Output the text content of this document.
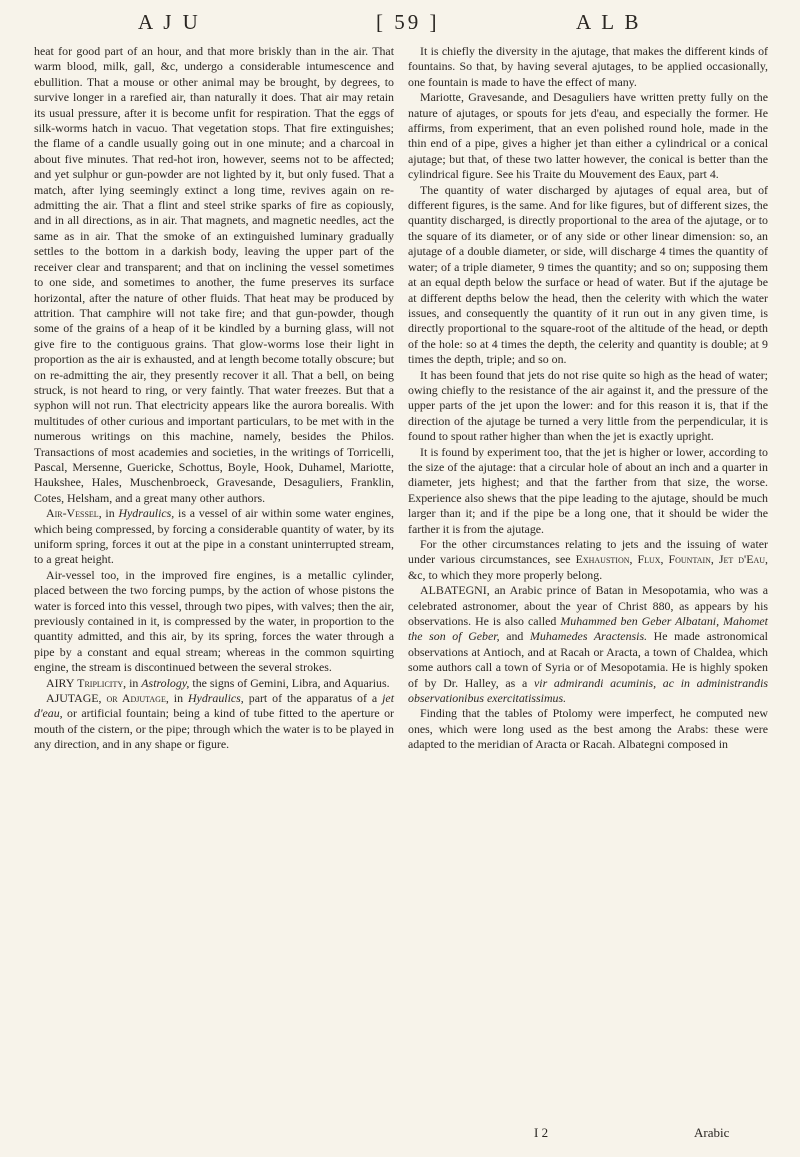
A J U	[ 59 ]	A L B

heat for good part of an hour, and that more briskly than in the air. That warm blood, milk, gall, &c, undergo a considerable intumescence and ebullition. That a mouse or other animal may be brought, by degrees, to survive longer in a rarefied air, than naturally it does. That air may retain its usual pressure, after it is become unfit for respiration. That the eggs of silk-worms hatch in vacuo. That vegetation stops. That fire extinguishes; the flame of a candle usually going out in one minute; and a charcoal in about five minutes. That red-hot iron, however, seems not to be affected; and yet sulphur or gun-powder are not lighted by it, but only fused. That a match, after lying seemingly extinct a long time, revives again on re-admitting the air. That a flint and steel strike sparks of fire as copiously, and in all directions, as in air. That magnets, and magnetic needles, act the same as in air. That the smoke of an extinguished luminary gradually settles to the bottom in a darkish body, leaving the upper part of the receiver clear and transparent; and that on inclining the vessel sometimes to one side, and sometimes to another, the fume preserves its surface horizontal, after the nature of other fluids. That heat may be produced by attrition. That camphire will not take fire; and that gun-powder, though some of the grains of a heap of it be kindled by a burning glass, will not give fire to the contiguous grains. That glow-worms lose their light in proportion as the air is exhausted, and at length become totally obscure; but on re-admitting the air, they presently recover it all. That a bell, on being struck, is not heard to ring, or very faintly. That water freezes. But that a syphon will not run. That electricity appears like the aurora borealis. With multitudes of other curious and important particulars, to be met with in the numerous writings on this machine, namely, besides the Philos. Transactions of most academies and societies, in the writings of Torricelli, Pascal, Mersenne, Guericke, Schottus, Boyle, Hook, Duhamel, Mariotte, Haukshee, Hales, Muschenbroeck, Gravesande, Desaguliers, Franklin, Cotes, Helsham, and a great many other authors.

Air-Vessel, in Hydraulics, is a vessel of air within some water engines, which being compressed, by forcing a considerable quantity of water, by its uniform spring, forces it out at the pipe in a constant uninterrupted stream, to a great height.

Air-vessel too, in the improved fire engines, is a metallic cylinder, placed between the two forcing pumps, by the action of whose pistons the water is forced into this vessel, through two pipes, with valves; then the air, previously contained in it, is compressed by the water, in proportion to the quantity admitted, and this air, by its spring, forces the water through a pipe by a constant and equal stream; whereas in the common squirting engine, the stream is discontinued between the several strokes.

AIRY Triplicity, in Astrology, the signs of Gemini, Libra, and Aquarius.

AJUTAGE, or Adjutage, in Hydraulics, part of the apparatus of a jet d'eau, or artificial fountain; being a kind of tube fitted to the aperture or mouth of the cistern, or the pipe; through which the water is to be played in any direction, and in any shape or figure.

It is chiefly the diversity in the ajutage, that makes the different kinds of fountains. So that, by having several ajutages, to be applied occasionally, one fountain is made to have the effect of many.

Mariotte, Gravesande, and Desaguliers have written pretty fully on the nature of ajutages, or spouts for jets d'eau, and especially the former. He affirms, from experiment, that an even polished round hole, made in the thin end of a pipe, gives a higher jet than either a cylindrical or a conical ajutage; but that, of these two latter however, the conical is better than the cylindrical figure. See his Traite du Mouvement des Eaux, part 4.

The quantity of water discharged by ajutages of equal area, but of different figures, is the same. And for like figures, but of different sizes, the quantity discharged, is directly proportional to the area of the ajutage, or to the square of its diameter, or of any side or other linear dimension: so, an ajutage of a double diameter, or side, will discharge 4 times the quantity of water; of a triple diameter, 9 times the quantity; and so on; supposing them at an equal depth below the surface or head of water. But if the ajutage be at different depths below the head, then the celerity with which the water issues, and consequently the quantity of it run out in any given time, is directly proportional to the square-root of the altitude of the head, or depth of the hole: so at 4 times the depth, the celerity and quantity is double; at 9 times the depth, triple; and so on.

It has been found that jets do not rise quite so high as the head of water; owing chiefly to the resistance of the air against it, and the pressure of the upper parts of the jet upon the lower: and for this reason it is, that if the direction of the ajutage be turned a very little from the perpendicular, it is found to spout rather higher than when the jet is exactly upright.

It is found by experiment too, that the jet is higher or lower, according to the size of the ajutage: that a circular hole of about an inch and a quarter in diameter, jets highest; and that the farther from that size, the worse. Experience also shews that the pipe leading to the ajutage, should be much larger than it; and if the pipe be a long one, that it should be wider the farther it is from the ajutage.

For the other circumstances relating to jets and the issuing of water under various circumstances, see Exhaustion, Flux, Fountain, Jet d'Eau, &c, to which they more properly belong.

ALBATEGNI, an Arabic prince of Batan in Mesopotamia, who was a celebrated astronomer, about the year of Christ 880, as appears by his observations. He is also called Muhammed ben Geber Albatani, Mahomet the son of Geber, and Muhamedes Aractensis. He made astronomical observations at Antioch, and at Racah or Aracta, a town of Chaldea, which some authors call a town of Syria or of Mesopotamia. He is highly spoken of by Dr. Halley, as a vir admirandi acuminis, ac in administrandis observationibus exercitatissimus.

Finding that the tables of Ptolomy were imperfect, he computed new ones, which were long used as the best among the Arabs: these were adapted to the meridian of Aracta or Racah. Albategni composed in

I 2	Arabic
